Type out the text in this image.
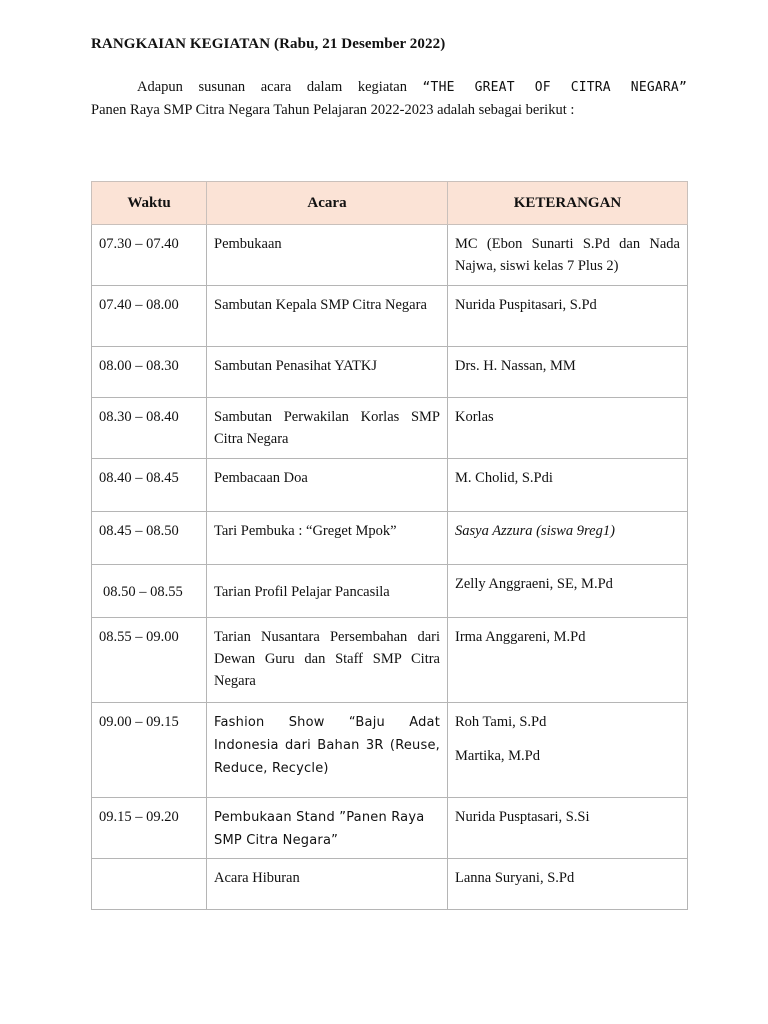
RANGKAIAN KEGIATAN (Rabu, 21 Desember 2022)
Adapun susunan acara dalam kegiatan “THE GREAT OF CITRA NEGARA”
Panen Raya SMP Citra Negara Tahun Pelajaran 2022-2023 adalah sebagai berikut :
Waktu	Acara	KETERANGAN
07.30 – 07.40	Pembukaan	MC (Ebon Sunarti S.Pd dan Nada Najwa, siswi kelas 7 Plus 2)
07.40 – 08.00	Sambutan Kepala SMP Citra Negara	Nurida Puspitasari, S.Pd
08.00 – 08.30	Sambutan Penasihat YATKJ	Drs. H. Nassan, MM
08.30 – 08.40	Sambutan Perwakilan Korlas SMP Citra Negara	Korlas
08.40 – 08.45	Pembacaan Doa	M. Cholid, S.Pdi
08.45 – 08.50	Tari Pembuka : “Greget Mpok”	Sasya Azzura (siswa 9reg1)
08.50 – 08.55	Tarian Profil Pelajar Pancasila	Zelly Anggraeni, SE, M.Pd
08.55 – 09.00	Tarian Nusantara Persembahan dari Dewan Guru dan Staff SMP Citra Negara	Irma Anggareni, M.Pd
09.00 – 09.15	Fashion Show “Baju Adat Indonesia dari Bahan 3R (Reuse, Reduce, Recycle)	Roh Tami, S.Pd
Martika, M.Pd

09.15 – 09.20	Pembukaan Stand ”Panen Raya SMP Citra Negara”	Nurida Pusptasari, S.Si
	Acara Hiburan	Lanna Suryani, S.Pd
